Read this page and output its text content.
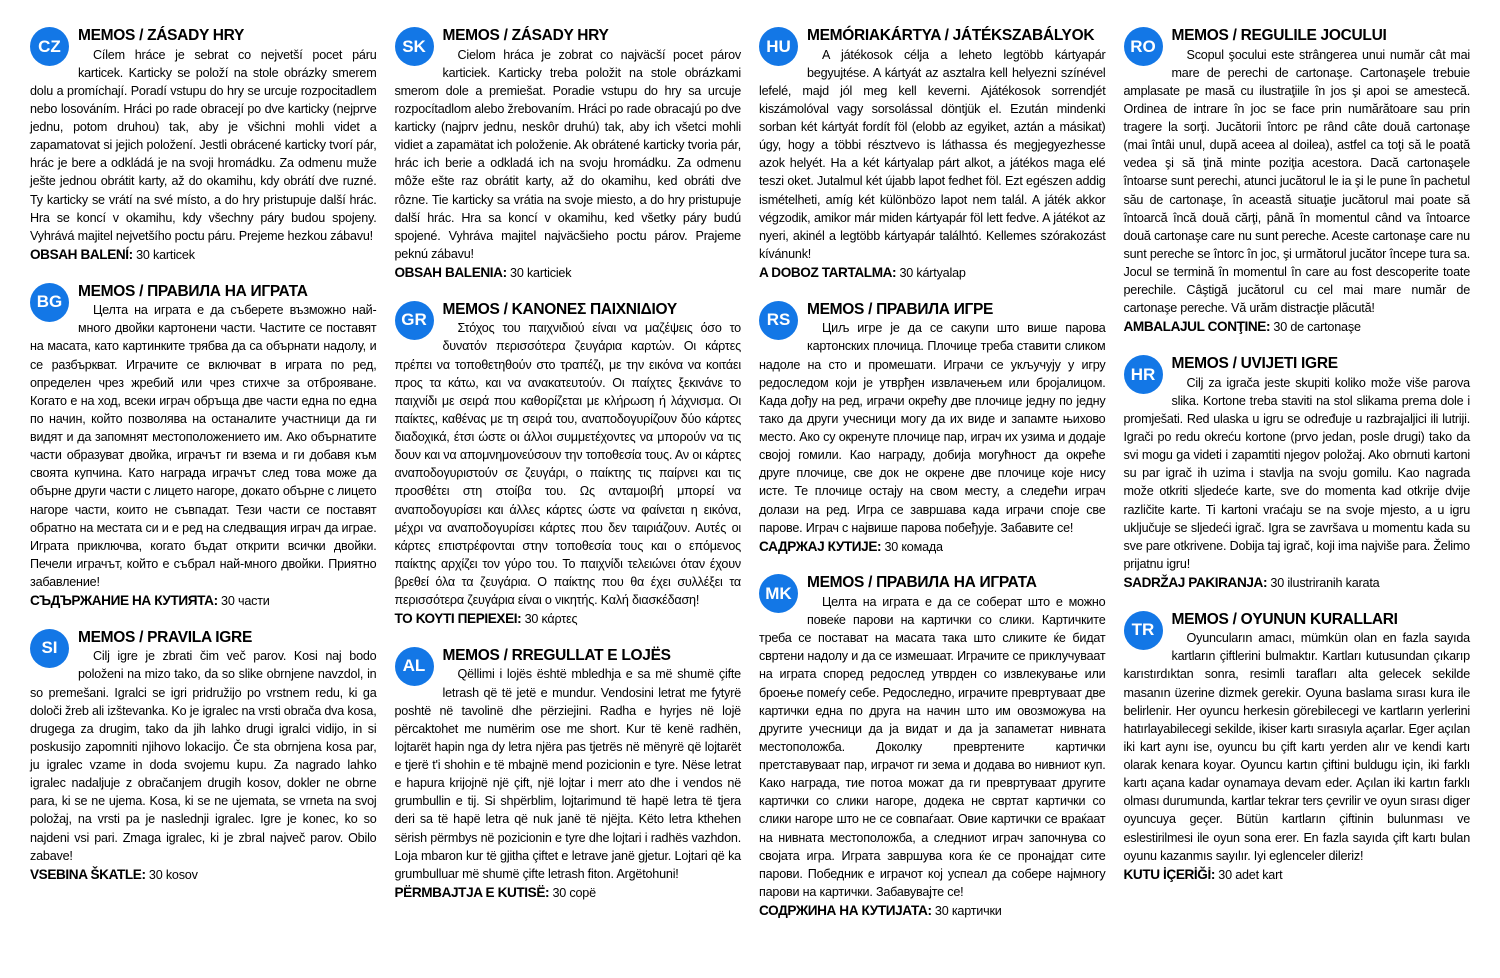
CZ
MEMOS / ZÁSADY HRY

Cílem hráce je sebrat co nejvetší pocet páru karticek. Karticky se položí na stole obrázky smerem dolu a promíchají. Poradí vstupu do hry se urcuje rozpocitadlem nebo losováním. Hráci po rade obracejí po dve karticky (nejprve jednu, potom druhou) tak, aby je všichni mohli videt a zapamatovat si jejich položení. Jestli obrácené karticky tvorí pár, hrác je bere a odkládá je na svoji hromádku. Za odmenu muže ješte jednou obrátit karty, až do okamihu, kdy obrátí dve ruzné. Ty karticky se vrátí na své místo, a do hry pristupuje další hrác. Hra se koncí v okamihu, kdy všechny páry budou spojeny. Vyhrává majitel nejvetšího poctu páru. Prejeme hezkou zábavu!

OBSAH BALENÍ: 30 karticek

BG
MEMOS / ПРАВИЛА НА ИГРАТА

Целта на играта е да съберете възможно най-много двойки картонени части. Частите се поставят на масата, като картинките трябва да са обърнати надолу, и се разбъркват. Играчите се включват в играта по ред, определен чрез жребий или чрез стихче за отброяване. Когато е на ход, всеки играч обръща две части една по една по начин, който позволява на останалите участници да ги видят и да запомнят местоположението им. Ако обърнатите части образуват двойка, играчът ги взема и ги добавя към своята купчина. Като награда играчът след това може да обърне други части с лицето нагоре, докато обърне с лицето нагоре части, които не съвпадат. Тези части се поставят обратно на местата си и е ред на следващия играч да играе. Играта приключва, когато бъдат открити всички двойки. Печели играчът, който е събрал най-много двойки. Приятно забавление!

СЪДЪРЖАНИЕ НА КУТИЯТА: 30 части

SI
MEMOS / PRAVILA IGRE

Cilj igre je zbrati čim več parov. Kosi naj bodo položeni na mizo tako, da so slike obrnjene navzdol, in so premešani. Igralci se igri pridružijo po vrstnem redu, ki ga določi žreb ali izštevanka. Ko je igralec na vrsti obrača dva kosa, drugega za drugim, tako da jih lahko drugi igralci vidijo, in si poskusijo zapomniti njihovo lokacijo. Če sta obrnjena kosa par, ju igralec vzame in doda svojemu kupu. Za nagrado lahko igralec nadaljuje z obračanjem drugih kosov, dokler ne obrne para, ki se ne ujema. Kosa, ki se ne ujemata, se vrneta na svoj položaj, na vrsti pa je naslednji igralec. Igre je konec, ko so najdeni vsi pari. Zmaga igralec, ki je zbral največ parov. Obilo zabave!

VSEBINA ŠKATLE: 30 kosov

SK
MEMOS / ZÁSADY HRY

Cielom hráca je zobrat co najväcší pocet párov karticiek. Karticky treba položit na stole obrázkami smerom dole a premiešat. Poradie vstupu do hry sa urcuje rozpocítadlom alebo žrebovaním. Hráci po rade obracajú po dve karticky (najprv jednu, neskôr druhú) tak, aby ich všetci mohli vidiet a zapamätat ich položenie. Ak obrátené karticky tvoria pár, hrác ich berie a odkladá ich na svoju hromádku. Za odmenu môže ešte raz obrátit karty, až do okamihu, ked obráti dve rôzne. Tie karticky sa vrátia na svoje miesto, a do hry pristupuje další hrác. Hra sa koncí v okamihu, ked všetky páry budú spojené. Vyhráva majitel najväcšieho poctu párov. Prajeme peknú zábavu!

OBSAH BALENIA: 30 karticiek

GR
MEMOS / ΚΑΝΟΝΕΣ ΠΑΙΧΝΙΔΙΟΥ

Στόχος του παιχνιδιού είναι να μαζέψεις όσο το δυνατόν περισσότερα ζευγάρια καρτών. Οι κάρτες πρέπει να τοποθετηθούν στο τραπέζι, με την εικόνα να κοιτάει προς τα κάτω, και να ανακατευτούν. Οι παίχτες ξεκινάνε το παιχνίδι με σειρά που καθορίζεται με κλήρωση ή λάχνισμα. Οι παίκτες, καθένας με τη σειρά του, αναποδογυρίζουν δύο κάρτες διαδοχικά, έτσι ώστε οι άλλοι συμμετέχοντες να μπορούν να τις δουν και να απομνημονεύσουν την τοποθεσία τους. Αν οι κάρτες αναποδογυριστούν σε ζευγάρι, ο παίκτης τις παίρνει και τις προσθέτει στη στοίβα του. Ως ανταμοιβή μπορεί να αναποδογυρίσει και άλλες κάρτες ώστε να φαίνεται η εικόνα, μέχρι να αναποδογυρίσει κάρτες που δεν ταιριάζουν. Αυτές οι κάρτες επιστρέφονται στην τοποθεσία τους και ο επόμενος παίκτης αρχίζει τον γύρο του. Το παιχνίδι τελειώνει όταν έχουν βρεθεί όλα τα ζευγάρια. Ο παίκτης που θα έχει συλλέξει τα περισσότερα ζευγάρια είναι ο νικητής. Καλή διασκέδαση!

ΤΟ ΚΟΥΤΙ ΠΕΡΙΕΧΕΙ: 30 κάρτες

AL
MEMOS / RREGULLAT E LOJËS

Qëllimi i lojës është mbledhja e sa më shumë çifte letrash që të jetë e mundur. Vendosini letrat me fytyrë poshtë në tavolinë dhe përziejini. Radha e hyrjes në lojë përcaktohet me numërim ose me short. Kur të kenë radhën, lojtarët hapin nga dy letra njëra pas tjetrës në mënyrë që lojtarët e tjerë t'i shohin e të mbajnë mend pozicionin e tyre. Nëse letrat e hapura krijojnë një çift, një lojtar i merr ato dhe i vendos në grumbullin e tij. Si shpërblim, lojtarimund të hapë letra të tjera deri sa të hapë letra që nuk janë të njëjta. Këto letra kthehen sërish përmbys në pozicionin e tyre dhe lojtari i radhës vazhdon. Loja mbaron kur të gjitha çiftet e letrave janë gjetur. Lojtari që ka grumbulluar më shumë çifte letrash fiton. Argëtohuni!

PËRMBAJTJA E KUTISË: 30 copë

HU
MEMÓRIAKÁRTYA / JÁTÉKSZABÁLYOK

A játékosok célja a leheto legtöbb kártyapár begyujtése. A kártyát az asztalra kell helyezni színével lefelé, majd jól meg kell keverni. Ajátékosok sorrendjét kiszámolóval vagy sorsolással döntjük el. Ezután mindenki sorban két kártyát fordít föl (elobb az egyiket, aztán a másikat) úgy, hogy a többi résztvevo is láthassa és megjegyezhesse azok helyét. Ha a két kártyalap párt alkot, a játékos maga elé teszi oket. Jutalmul két újabb lapot fedhet föl. Ezt egészen addig ismételheti, amíg két különbözo lapot nem talál. A játék akkor végzodik, amikor már miden kártyapár föl lett fedve. A játékot az nyeri, akinél a legtöbb kártyapár találhtó. Kellemes szórakozást kívánunk!

A DOBOZ TARTALMA: 30 kártyalap

RS
MEMOS / ПРАВИЛА ИГРЕ

Циљ игре је да се сакупи што више парова картонских плочица. Плочице треба ставити сликом надоле на сто и промешати. Играчи се укључују у игру редоследом који је утврђен извлачењем или бројалицом. Када дођу на ред, играчи окрећу две плочице једну по једну тако да други учесници могу да их виде и запамте њихово место. Ако су окренуте плочице пар, играч их узима и додаје својој гомили. Као награду, добија могућност да окреће друге плочице, све док не окрене две плочице које нису исте. Те плочице остају на свом месту, а следећи играч долази на ред. Игра се завршава када играчи споје све парове. Играч с највише парова побеђује. Забавите се!

САДРЖАЈ КУТИЈЕ: 30 комада

MK
MEMOS / ПРАВИЛА НА ИГРАТА

Целта на играта е да се соберат што е можно повеќе парови на картички со слики. Картичките треба се постават на масата така што сликите ќе бидат свртени надолу и да се измешаат. Играчите се приклучуваат на играта според редослед утврден со извлекување или броење помеѓу себе. Редоследно, играчите превртуваат две картички една по друга на начин што им овозможува на другите учесници да ја видат и да ја запаметат нивната местоположба. Доколку превртените картички претставуваат пар, играчот ги зема и додава во нивниот куп. Како награда, тие потоа можат да ги превртуваат другите картички со слики нагоре, додека не свртат картички со слики нагоре што не се совпаѓаат. Овие картички се враќаат на нивната местоположба, а следниот играч започнува со својата игра. Играта завршува кога ќе се пронајдат сите парови. Победник е играчот кој успеал да собере најмногу парови на картички. Забавувајте се!

СОДРЖИНА НА КУТИЈАТА: 30 картички

RO
MEMOS / REGULILE JOCULUI

Scopul şocului este strângerea unui număr cât mai mare de perechi de cartonaşe. Cartonaşele trebuie amplasate pe masă cu ilustraţiile în jos şi apoi se amestecă. Ordinea de intrare în joc se face prin numărătoare sau prin tragere la sorţi. Jucătorii întorc pe rând câte două cartonaşe (mai întâi unul, după aceea al doilea), astfel ca toţi să le poată vedea şi să ţină minte poziţia acestora. Dacă cartonaşele întoarse sunt perechi, atunci jucătorul le ia şi le pune în pachetul său de cartonaşe, în această situaţie jucătorul mai poate să întoarcă încă două cărţi, până în momentul când va întoarce două cartonaşe care nu sunt pereche. Aceste cartonaşe care nu sunt pereche se întorc în joc, şi următorul jucător începe tura sa. Jocul se termină în momentul în care au fost descoperite toate perechile. Câştigă jucătorul cu cel mai mare număr de cartonaşe pereche. Vă urăm distracţie plăcută!

AMBALAJUL CONŢINE: 30 de cartonaşe

HR
MEMOS / UVIJETI IGRE

Cilj za igrača jeste skupiti koliko može više parova slika. Kortone treba staviti na stol slikama prema dole i promješati. Red ulaska u igru se određuje u razbrajaljici ili lutriji. Igrači po redu okreću kortone (prvo jedan, posle drugi) tako da svi mogu ga videti i zapamtiti njegov položaj. Ako obrnuti kartoni su par igrač ih uzima i stavlja na svoju gomilu. Kao nagrada može otkriti sljedeće karte, sve do momenta kad otkrije dvije različite karte. Ti kartoni vraćaju se na svoje mjesto, a u igru uključuje se sljedeći igrač. Igra se završava u momentu kada su sve pare otkrivene. Dobija taj igrač, koji ima najviše para. Želimo prijatnu igru!

SADRŽAJ PAKIRANJA: 30 ilustriranih karata

TR
MEMOS / OYUNUN KURALLARI

Oyuncuların amacı, mümkün olan en fazla sayıda kartların çiftlerini bulmaktır. Kartları kutusundan çıkarıp karıstırdıktan sonra, resimli tarafları alta gelecek sekilde masanın üzerine dizmek gerekir. Oyuna baslama sırası kura ile belirlenir. Her oyuncu herkesin görebilecegi ve kartların yerlerini hatırlayabilecegi sekilde, ikiser kartı sırasıyla açarlar. Eger açılan iki kart aynı ise, oyuncu bu çift kartı yerden alır ve kendi kartı olarak kenara koyar. Oyuncu kartın çiftini buldugu için, iki farklı kartı açana kadar oynamaya devam eder. Açılan iki kartın farklı olması durumunda, kartlar tekrar ters çevrilir ve oyun sırası diger oyuncuya geçer. Bütün kartların çiftinin bulunması ve eslestirilmesi ile oyun sona erer. En fazla sayıda çift kartı bulan oyunu kazanmıs sayılır. Iyi eglenceler dileriz!

KUTU İÇERİĞİ: 30 adet kart
